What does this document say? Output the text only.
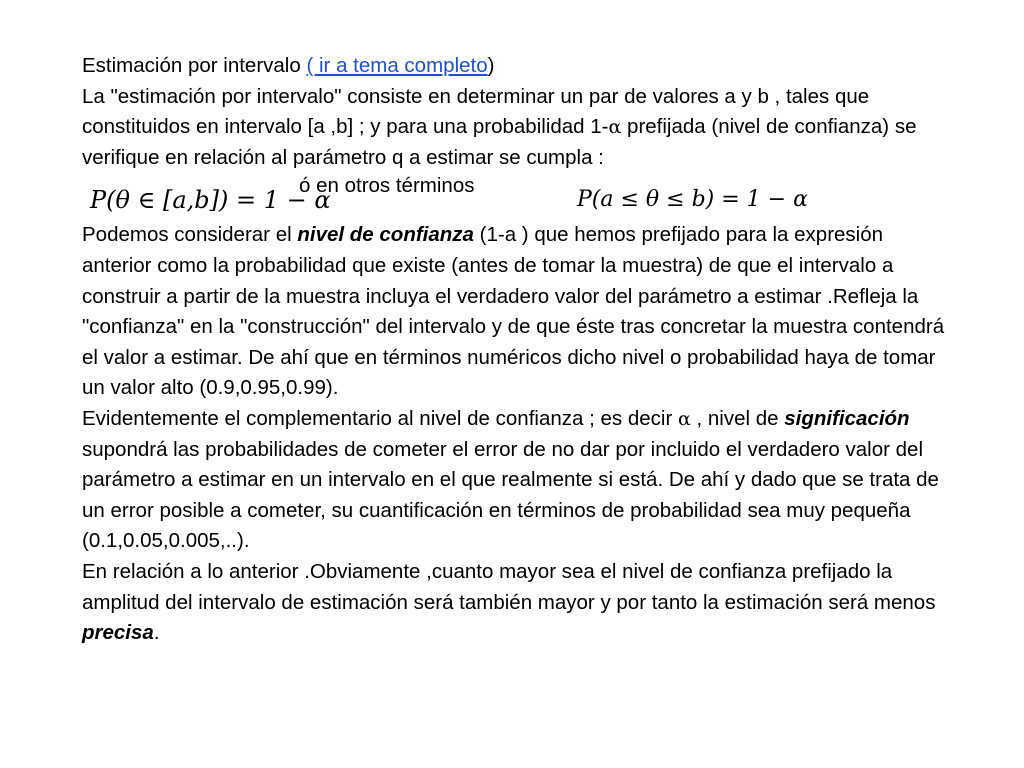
Estimación por intervalo ( ir a tema completo)

La "estimación por intervalo" consiste en determinar un par de valores a y b , tales que constituidos en intervalo [a ,b] ; y para una probabilidad 1-α prefijada (nivel de confianza) se verifique en relación al parámetro q a estimar se cumpla :

P(θ ∈ [a,b]) = 1 − α
ó en otros términos
P(a ≤ θ ≤ b) = 1 − α

Podemos considerar el nivel de confianza (1-a ) que hemos prefijado para la expresión anterior como la probabilidad que existe (antes de tomar la muestra) de que el intervalo a construir a partir de la muestra incluya el verdadero valor del parámetro a estimar .Refleja la "confianza" en la "construcción" del intervalo y de que éste tras concretar la muestra contendrá el valor a estimar. De ahí que en términos numéricos dicho nivel o probabilidad haya de tomar un valor alto (0.9,0.95,0.99).

Evidentemente el complementario al nivel de confianza ; es decir α , nivel de significación supondrá las probabilidades de cometer el error de no dar por incluido el verdadero valor del parámetro a estimar en un intervalo en el que realmente si está. De ahí y dado que se trata de un error posible a cometer, su cuantificación en términos de probabilidad sea muy pequeña (0.1,0.05,0.005,..).

En relación a lo anterior .Obviamente ,cuanto mayor sea el nivel de confianza prefijado la amplitud del intervalo de estimación será también mayor y por tanto la estimación será menos precisa.
